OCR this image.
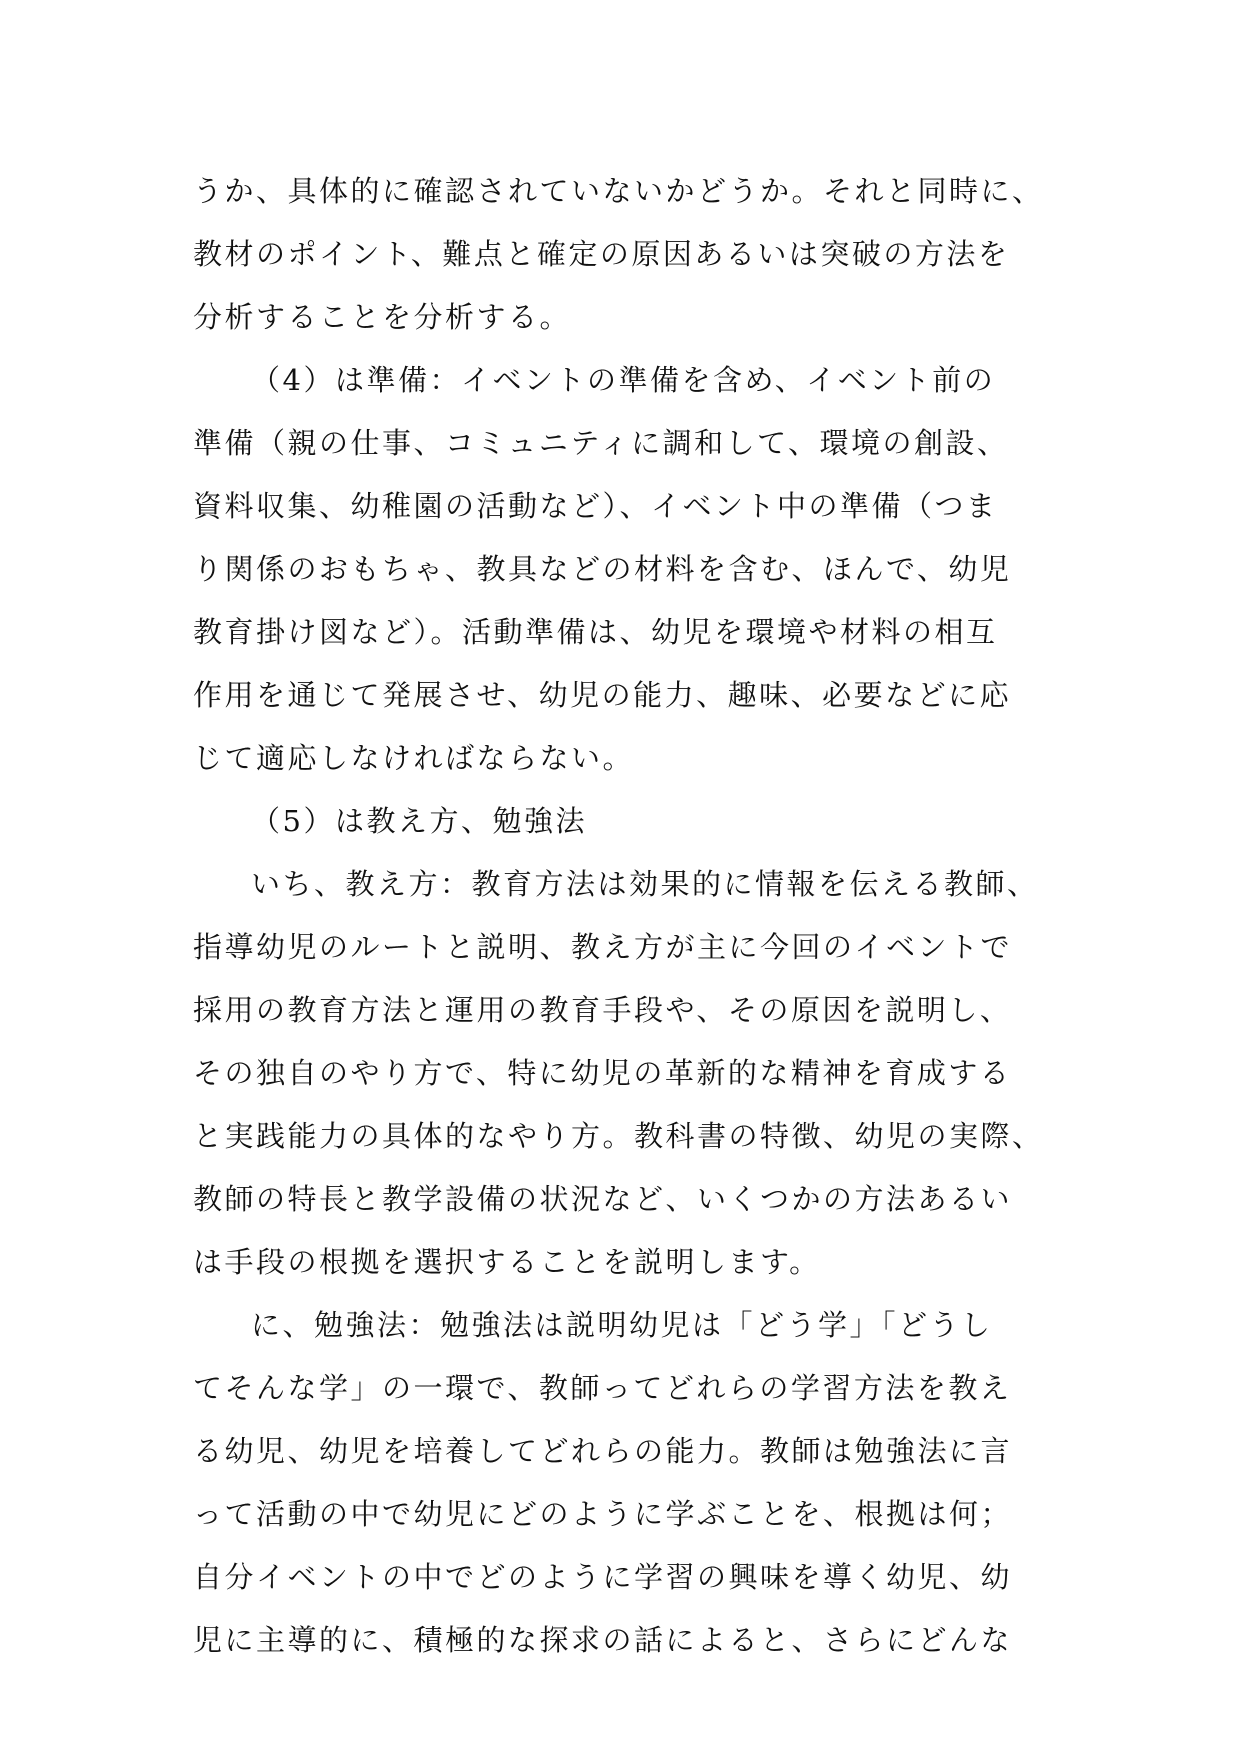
うか、具体的に確認されていないかどうか。それと同時に、
教材のポイント、難点と確定の原因あるいは突破の方法を
分析することを分析する。
（4）は準備：イベントの準備を含め、イベント前の
準備（親の仕事、コミュニティに調和して、環境の創設、
資料収集、幼稚園の活動など）、イベント中の準備（つま
り関係のおもちゃ、教具などの材料を含む、ほんで、幼児
教育掛け図など）。活動準備は、幼児を環境や材料の相互
作用を通じて発展させ、幼児の能力、趣味、必要などに応
じて適応しなければならない。
（5）は教え方、勉強法
いち、教え方：教育方法は効果的に情報を伝える教師、
指導幼児のルートと説明、教え方が主に今回のイベントで
採用の教育方法と運用の教育手段や、その原因を説明し、
その独自のやり方で、特に幼児の革新的な精神を育成する
と実践能力の具体的なやり方。教科書の特徴、幼児の実際、
教師の特長と教学設備の状況など、いくつかの方法あるい
は手段の根拠を選択することを説明します。
に、勉強法：勉強法は説明幼児は「どう学」「どうし
てそんな学」の一環で、教師ってどれらの学習方法を教え
る幼児、幼児を培養してどれらの能力。教師は勉強法に言
って活動の中で幼児にどのように学ぶことを、根拠は何；
自分イベントの中でどのように学習の興味を導く幼児、幼
児に主導的に、積極的な探求の話によると、さらにどんな
